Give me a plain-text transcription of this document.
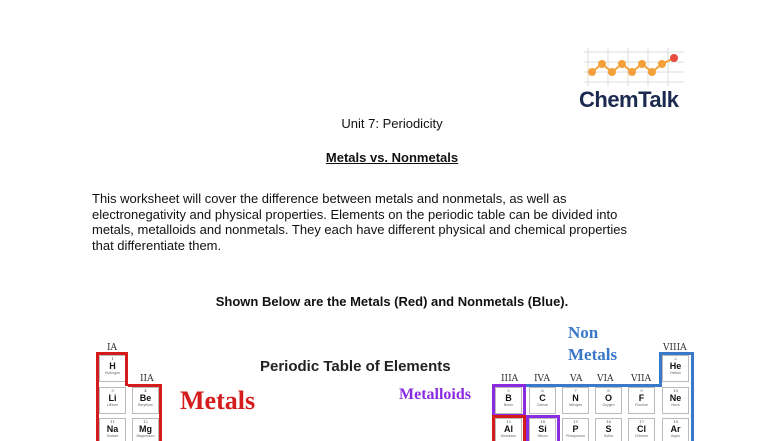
ChemTalk
Unit 7: Periodicity
Metals vs. Nonmetals

This worksheet will cover the difference between metals and nonmetals, as well as

electronegativity and physical properties. Elements on the periodic table can be divided into

metals, metalloids and nonmetals. They each have different physical and chemical properties

that differentiate them.

Shown Below are the Metals (Red) and Nonmetals (Blue).
IA
IIA
Periodic Table of Elements
Metals	Metalloids
Non
Metals
IIIA IVA VA VIA VIIA
VIIIA
1
H
Hydrogen
3
Li
Lithium
4
Be
Beryllium
11
Na
Sodium
12
Mg
Magnesium
2
He
Helium
5
B
Boron
6
C
Carbon
7
N
Nitrogen
8
O
Oxygen
9
F
Fluorine
10
Ne
Neon
13
Al
Aluminum
14
Si
Silicon
15
P
Phosphorus
16
S
Sulfur
17
Cl
Chlorine
18
Ar
Argon
